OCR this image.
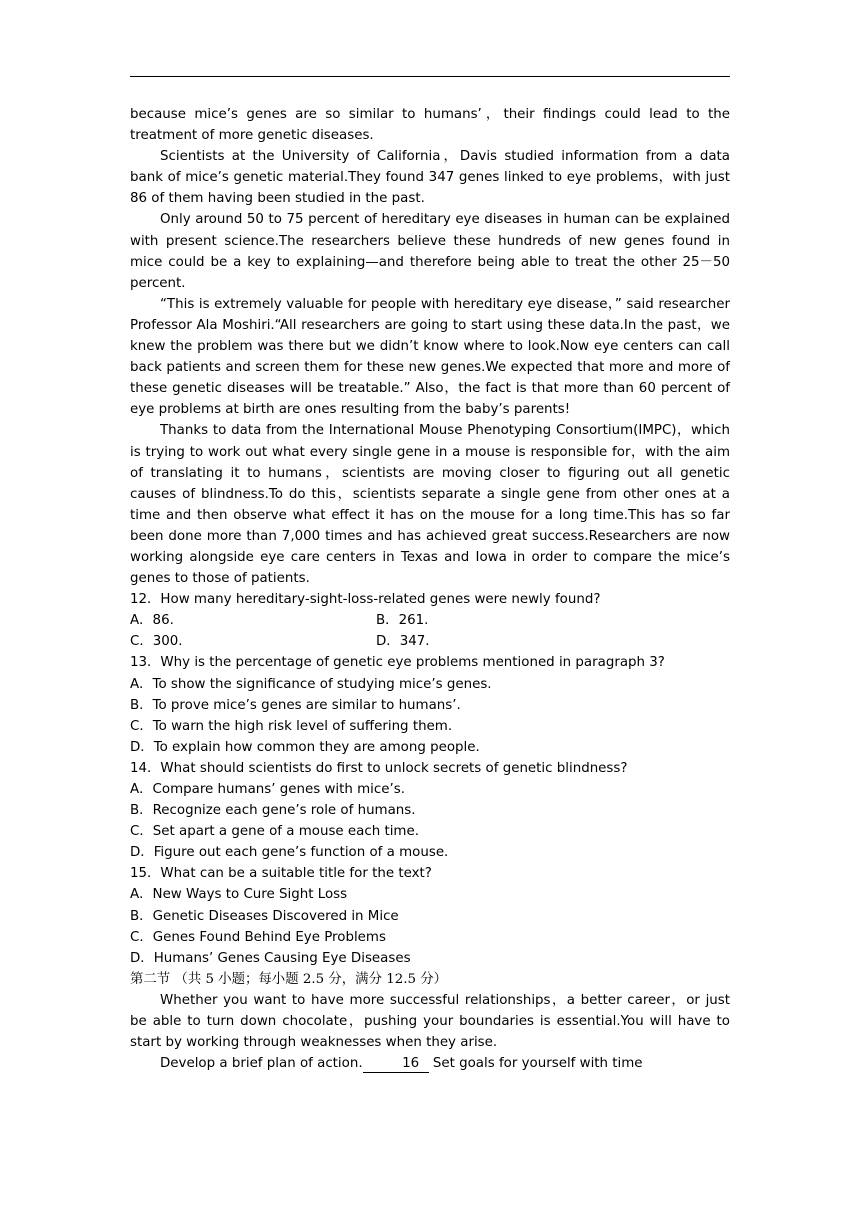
because mice’s genes are so similar to humans’，their findings could lead to the treatment of more genetic diseases.

Scientists at the University of California，Davis studied information from a data bank of mice’s genetic material.They found 347 genes linked to eye problems，with just 86 of them having been studied in the past.

Only around 50 to 75 percent of hereditary eye diseases in human can be explained with present science.The researchers believe these hundreds of new genes found in mice could be a key to explaining—and therefore being able to treat the other 25－50 percent.

“This is extremely valuable for people with hereditary eye disease，” said researcher Professor Ala Moshiri.“All researchers are going to start using these data.In the past，we knew the problem was there but we didn’t know where to look.Now eye centers can call back patients and screen them for these new genes.We expected that more and more of these genetic diseases will be treatable.” Also，the fact is that more than 60 percent of eye problems at birth are ones resulting from the baby’s parents!

Thanks to data from the International Mouse Phenotyping Consortium(IMPC)，which is trying to work out what every single gene in a mouse is responsible for，with the aim of translating it to humans，scientists are moving closer to figuring out all genetic causes of blindness.To do this，scientists separate a single gene from other ones at a time and then observe what effect it has on the mouse for a long time.This has so far been done more than 7,000 times and has achieved great success.Researchers are now working alongside eye care centers in Texas and Iowa in order to compare the mice’s genes to those of patients.

12．How many hereditary-sight-loss-related genes were newly found?

A．86.	B．261.
C．300.	D．347.

13．Why is the percentage of genetic eye problems mentioned in paragraph 3?

A．To show the significance of studying mice’s genes.

B．To prove mice’s genes are similar to humans’.

C．To warn the high risk level of suffering them.

D．To explain how common they are among people.

14．What should scientists do first to unlock secrets of genetic blindness?

A．Compare humans’ genes with mice’s.

B．Recognize each gene’s role of humans.

C．Set apart a gene of a mouse each time.

D．Figure out each gene’s function of a mouse.

15．What can be a suitable title for the text?

A．New Ways to Cure Sight Loss

B．Genetic Diseases Discovered in Mice

C．Genes Found Behind Eye Problems

D．Humans’ Genes Causing Eye Diseases

第二节 （共 5 小题；每小题 2.5 分，满分 12.5 分）

Whether you want to have more successful relationships，a better career，or just be able to turn down chocolate，pushing your boundaries is essential.You will have to start by working through weaknesses when they arise.

Develop a brief plan of action.	16 Set goals for yourself with time
